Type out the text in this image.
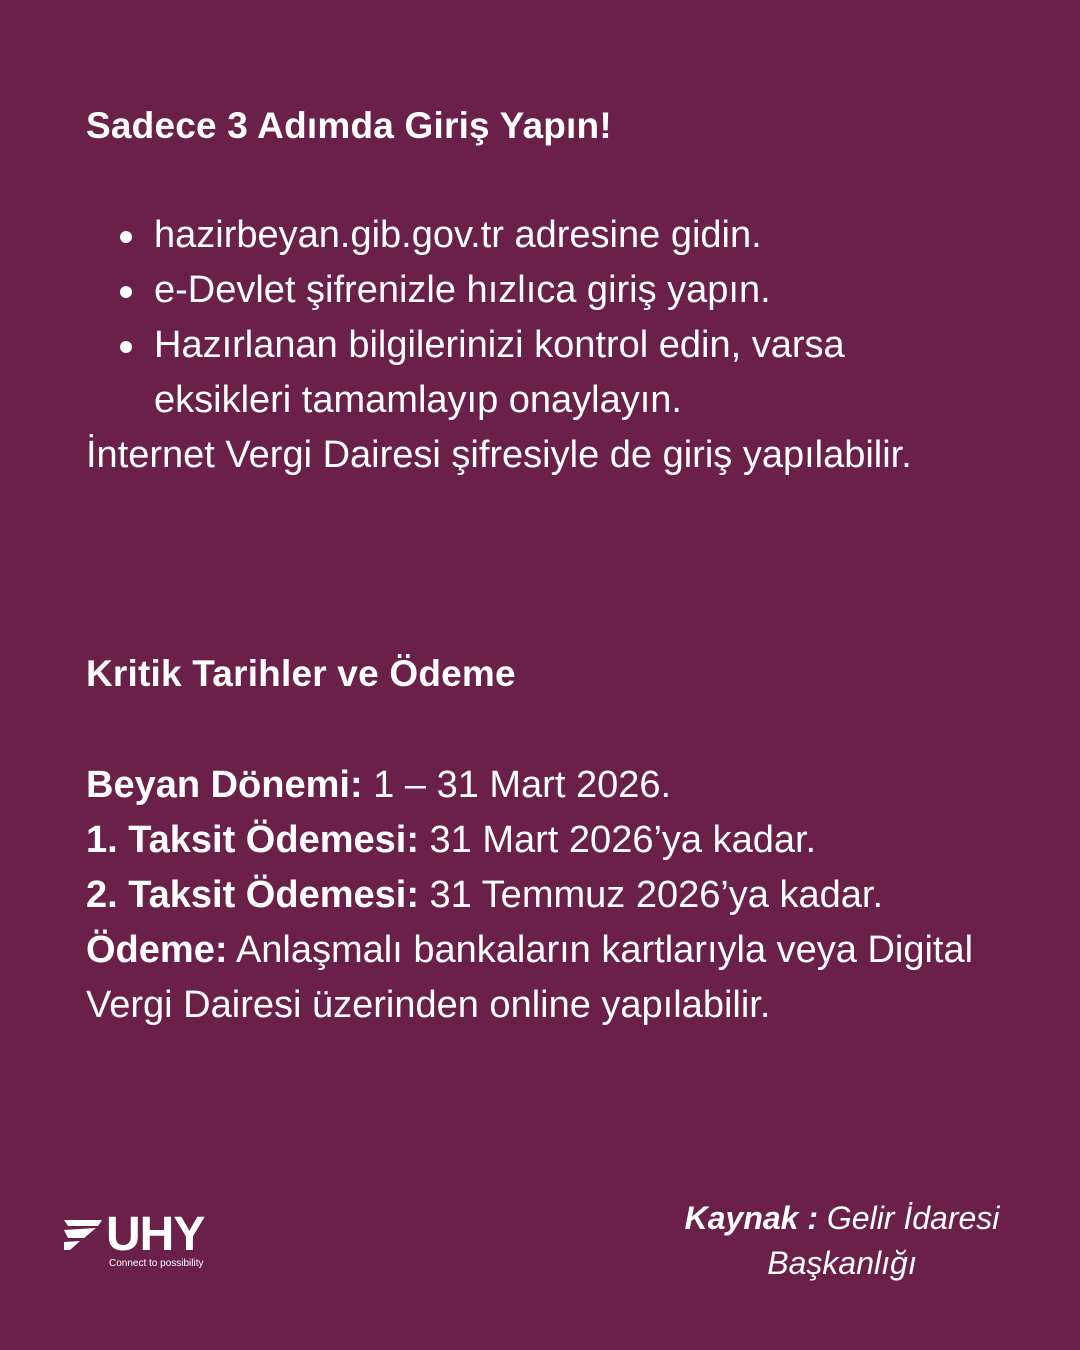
Sadece 3 Adımda Giriş Yapın!
hazirbeyan.gib.gov.tr adresine gidin.
e-Devlet şifrenizle hızlıca giriş yapın.
Hazırlanan bilgilerinizi kontrol edin, varsa eksikleri tamamlayıp onaylayın.

İnternet Vergi Dairesi şifresiyle de giriş yapılabilir.

Kritik Tarihler ve Ödeme

Beyan Dönemi: 1 – 31 Mart 2026.

1. Taksit Ödemesi: 31 Mart 2026’ya kadar.

2. Taksit Ödemesi: 31 Temmuz 2026’ya kadar.

Ödeme: Anlaşmalı bankaların kartlarıyla veya Digital Vergi Dairesi üzerinden online yapılabilir.

UHY
Connect to possibility
Kaynak : Gelir İdaresi
Başkanlığı
